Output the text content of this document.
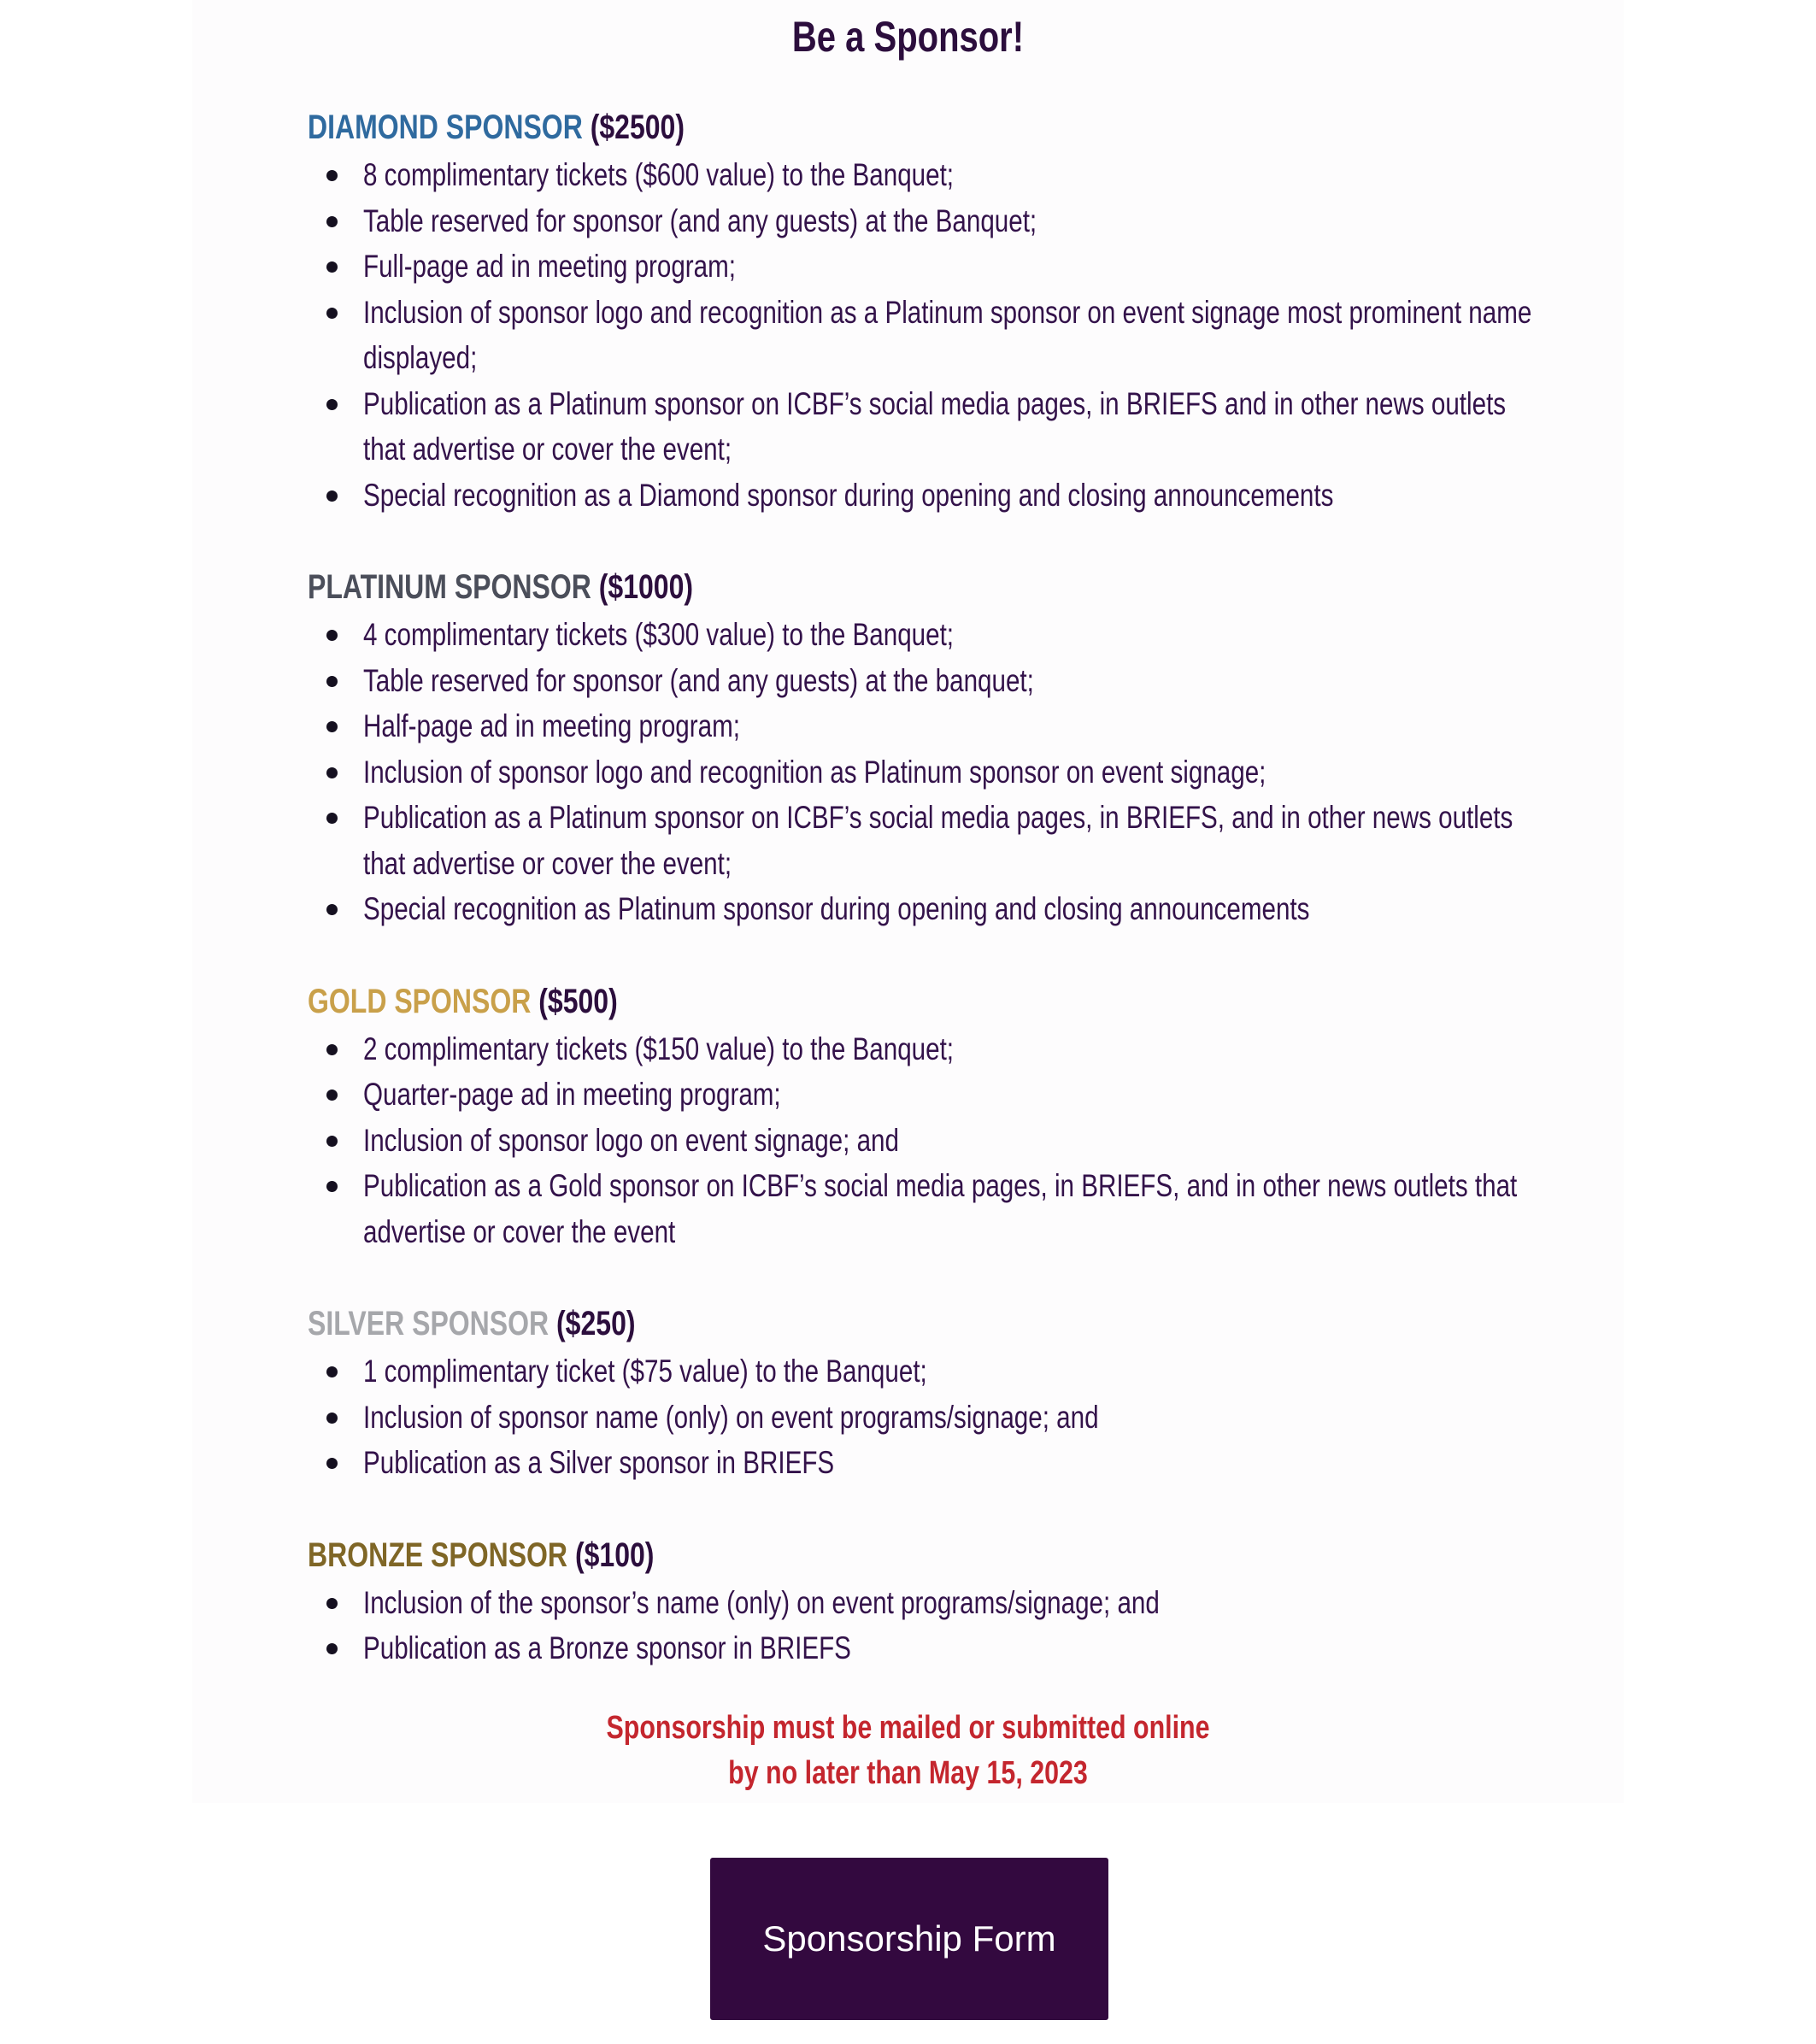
Be a Sponsor!
DIAMOND SPONSOR ($2500)
8 complimentary tickets ($600 value) to the Banquet;
Table reserved for sponsor (and any guests) at the Banquet;
Full-page ad in meeting program;
Inclusion of sponsor logo and recognition as a Platinum sponsor on event signage most prominent name displayed;
Publication as a Platinum sponsor on ICBF’s social media pages, in BRIEFS and in other news outlets that advertise or cover the event;
Special recognition as a Diamond sponsor during opening and closing announcements
PLATINUM SPONSOR ($1000)
4 complimentary tickets ($300 value) to the Banquet;
Table reserved for sponsor (and any guests) at the banquet;
Half-page ad in meeting program;
Inclusion of sponsor logo and recognition as Platinum sponsor on event signage;
Publication as a Platinum sponsor on ICBF’s social media pages, in BRIEFS, and in other news outlets that advertise or cover the event;
Special recognition as Platinum sponsor during opening and closing announcements
GOLD SPONSOR ($500)
2 complimentary tickets ($150 value) to the Banquet;
Quarter-page ad in meeting program;
Inclusion of sponsor logo on event signage; and
Publication as a Gold sponsor on ICBF’s social media pages, in BRIEFS, and in other news outlets that advertise or cover the event
SILVER SPONSOR ($250)
1 complimentary ticket ($75 value) to the Banquet;
Inclusion of sponsor name (only) on event programs/signage; and
Publication as a Silver sponsor in BRIEFS
BRONZE SPONSOR ($100)
Inclusion of the sponsor’s name (only) on event programs/signage; and
Publication as a Bronze sponsor in BRIEFS
Sponsorship must be mailed or submitted online
by no later than May 15, 2023
Sponsorship Form
